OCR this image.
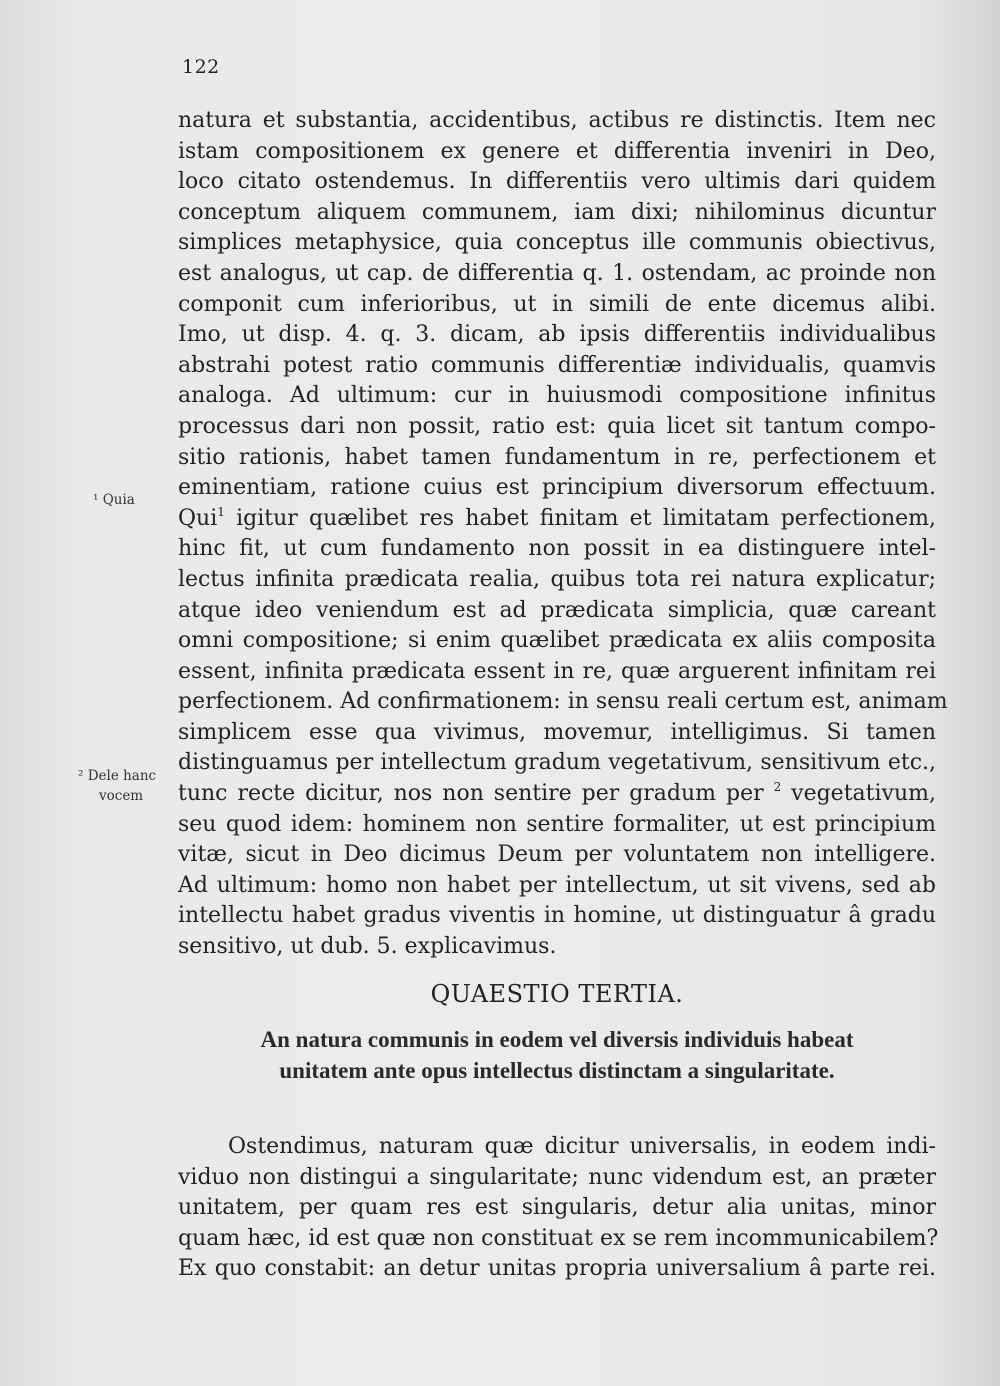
122
¹ Quia
² Dele hanc
vocem
natura et substantia, accidentibus, actibus re distinctis. Item nec
istam compositionem ex genere et differentia inveniri in Deo,
loco citato ostendemus. In differentiis vero ultimis dari quidem
conceptum aliquem communem, iam dixi; nihilominus dicuntur
simplices metaphysice, quia conceptus ille communis obiectivus,
est analogus, ut cap. de differentia q. 1. ostendam, ac proinde non
componit cum inferioribus, ut in simili de ente dicemus alibi.
Imo, ut disp. 4. q. 3. dicam, ab ipsis differentiis individualibus
abstrahi potest ratio communis differentiæ individualis, quamvis
analoga. Ad ultimum: cur in huiusmodi compositione infinitus
processus dari non possit, ratio est: quia licet sit tantum compo-
sitio rationis, habet tamen fundamentum in re, perfectionem et
eminentiam, ratione cuius est principium diversorum effectuum.
Qui$^1$ igitur quælibet res habet finitam et limitatam perfectionem,
hinc fit, ut cum fundamento non possit in ea distinguere intel-
lectus infinita prædicata realia, quibus tota rei natura explicatur;
atque ideo veniendum est ad prædicata simplicia, quæ careant
omni compositione; si enim quælibet prædicata ex aliis composita
essent, infinita prædicata essent in re, quæ arguerent infinitam rei
perfectionem. Ad confirmationem: in sensu reali certum est, animam
simplicem esse qua vivimus, movemur, intelligimus. Si tamen
distinguamus per intellectum gradum vegetativum, sensitivum etc.,
tunc recte dicitur, nos non sentire per gradum per $^2$ vegetativum,
seu quod idem: hominem non sentire formaliter, ut est principium
vitæ, sicut in Deo dicimus Deum per voluntatem non intelligere.
Ad ultimum: homo non habet per intellectum, ut sit vivens, sed ab
intellectu habet gradus viventis in homine, ut distinguatur â gradu
sensitivo, ut dub. 5. explicavimus.
QUAESTIO TERTIA.
An natura communis in eodem vel diversis individuis habeat
unitatem ante opus intellectus distinctam a singularitate.
Ostendimus, naturam quæ dicitur universalis, in eodem indi-
viduo non distingui a singularitate; nunc videndum est, an præter
unitatem, per quam res est singularis, detur alia unitas, minor
quam hæc, id est quæ non constituat ex se rem incommunicabilem?
Ex quo constabit: an detur unitas propria universalium â parte rei.
